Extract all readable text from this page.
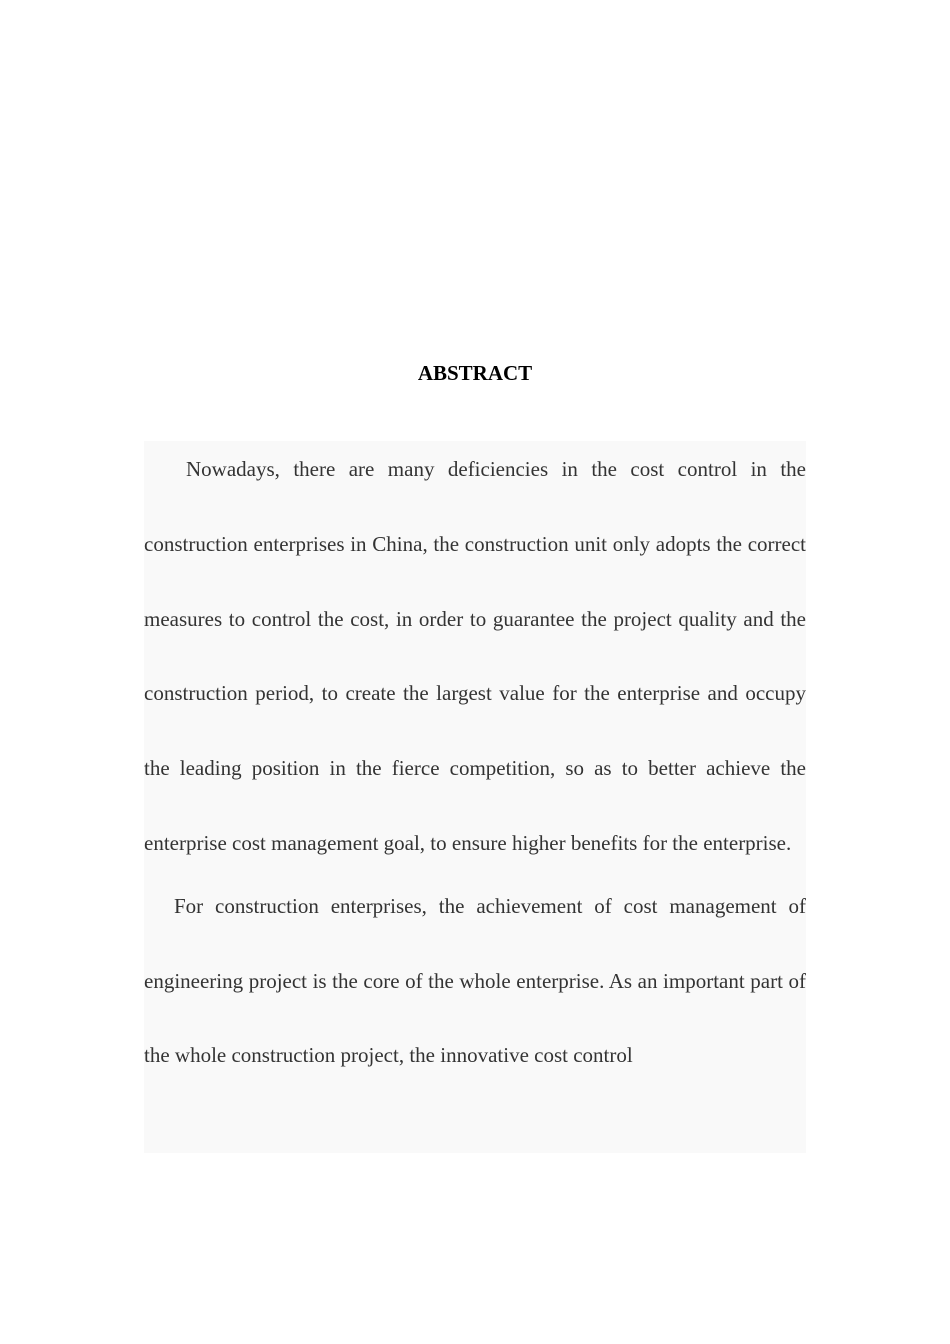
ABSTRACT

Nowadays, there are many deficiencies in the cost control in the construction enterprises in China, the construction unit only adopts the correct measures to control the cost, in order to guarantee the project quality and the construction period, to create the largest value for the enterprise and occupy the leading position in the fierce competition, so as to better achieve the enterprise cost management goal, to ensure higher benefits for the enterprise.

For construction enterprises, the achievement of cost management of engineering project is the core of the whole enterprise. As an important part of the whole construction project, the innovative cost control
